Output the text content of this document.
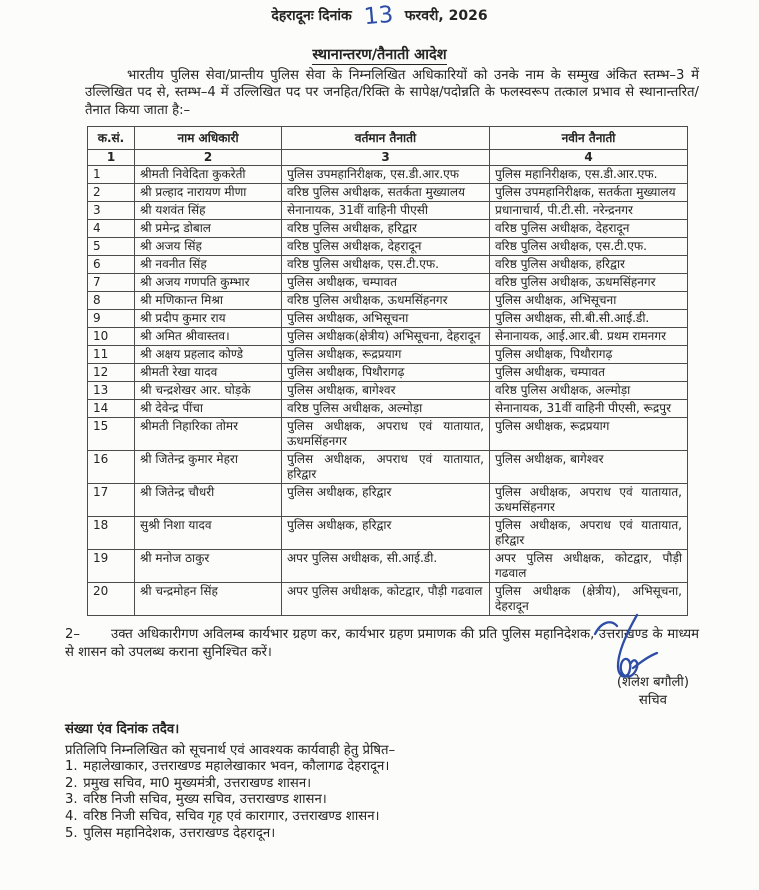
देहरादूनः दिनांक 13 फरवरी, 2026
स्थानान्तरण/तैनाती आदेश

भारतीय पुलिस सेवा/प्रान्तीय पुलिस सेवा के निम्नलिखित अधिकारियों को उनके नाम के सम्मुख अंकित स्तम्भ–3 में उल्लिखित पद से, स्तम्भ–4 में उल्लिखित पद पर जनहित/रिक्ति के सापेक्ष/पदोन्नति के फलस्वरूप तत्काल प्रभाव से स्थानान्तरित/तैनात किया जाता है:–

क.सं.	नाम अधिकारी	वर्तमान तैनाती	नवीन तैनाती
1	2	3	4
1	श्रीमती निवेदिता कुकरेती	पुलिस उपमहानिरीक्षक, एस.डी.आर.एफ	पुलिस महानिरीक्षक, एस.डी.आर.एफ.
2	श्री प्रल्हाद नारायण मीणा	वरिष्ठ पुलिस अधीक्षक, सतर्कता मुख्यालय	पुलिस उपमहानिरीक्षक, सतर्कता मुख्यालय
3	श्री यशवंत सिंह	सेनानायक, 31वीं वाहिनी पीएसी	प्रधानाचार्य, पी.टी.सी. नरेन्द्रनगर
4	श्री प्रमेन्द्र डोबाल	वरिष्ठ पुलिस अधीक्षक, हरिद्वार	वरिष्ठ पुलिस अधीक्षक, देहरादून
5	श्री अजय सिंह	वरिष्ठ पुलिस अधीक्षक, देहरादून	वरिष्ठ पुलिस अधीक्षक, एस.टी.एफ.
6	श्री नवनीत सिंह	वरिष्ठ पुलिस अधीक्षक, एस.टी.एफ.	वरिष्ठ पुलिस अधीक्षक, हरिद्वार
7	श्री अजय गणपति कुम्भार	पुलिस अधीक्षक, चम्पावत	वरिष्ठ पुलिस अधीक्षक, ऊधमसिंहनगर
8	श्री मणिकान्त मिश्रा	वरिष्ठ पुलिस अधीक्षक, ऊधमसिंहनगर	पुलिस अधीक्षक, अभिसूचना
9	श्री प्रदीप कुमार राय	पुलिस अधीक्षक, अभिसूचना	पुलिस अधीक्षक, सी.बी.सी.आई.डी.
10	श्री अमित श्रीवास्तव।	पुलिस अधीक्षक(क्षेत्रीय) अभिसूचना, देहरादून	सेनानायक, आई.आर.बी. प्रथम रामनगर
11	श्री अक्षय प्रहलाद कोण्डे	पुलिस अधीक्षक, रूद्रप्रयाग	पुलिस अधीक्षक, पिथौरागढ़
12	श्रीमती रेखा यादव	पुलिस अधीक्षक, पिथौरागढ़	पुलिस अधीक्षक, चम्पावत
13	श्री चन्द्रशेखर आर. घोड़के	पुलिस अधीक्षक, बागेश्वर	वरिष्ठ पुलिस अधीक्षक, अल्मोड़ा
14	श्री देवेन्द्र पींचा	वरिष्ठ पुलिस अधीक्षक, अल्मोड़ा	सेनानायक, 31वीं वाहिनी पीएसी, रूद्रपुर
15	श्रीमती निहारिका तोमर	पुलिस अधीक्षक, अपराध एवं यातायात, ऊधमसिंहनगर	पुलिस अधीक्षक, रूद्रप्रयाग
16	श्री जितेन्द्र कुमार मेहरा	पुलिस अधीक्षक, अपराध एवं यातायात, हरिद्वार	पुलिस अधीक्षक, बागेश्वर
17	श्री जितेन्द्र चौधरी	पुलिस अधीक्षक, हरिद्वार	पुलिस अधीक्षक, अपराध एवं यातायात, ऊधमसिंहनगर
18	सुश्री निशा यादव	पुलिस अधीक्षक, हरिद्वार	पुलिस अधीक्षक, अपराध एवं यातायात, हरिद्वार
19	श्री मनोज ठाकुर	अपर पुलिस अधीक्षक, सी.आई.डी.	अपर पुलिस अधीक्षक, कोटद्वार, पौड़ी गढवाल
20	श्री चन्द्रमोहन सिंह	अपर पुलिस अधीक्षक, कोटद्वार, पौड़ी गढवाल	पुलिस अधीक्षक (क्षेत्रीय), अभिसूचना, देहरादून

2– उक्त अधिकारीगण अविलम्ब कार्यभार ग्रहण कर, कार्यभार ग्रहण प्रमाणक की प्रति पुलिस महानिदेशक, उत्तराखण्ड के माध्यम से शासन को उपलब्ध कराना सुनिश्चित करें।

(शैलेश बगौली)
सचिव
संख्या एंव दिनांक तदैव।
प्रतिलिपि निम्नलिखित को सूचनार्थ एवं आवश्यक कार्यवाही हेतु प्रेषित–
1. महालेखाकार, उत्तराखण्ड महालेखाकार भवन, कौलागढ देहरादून।
2. प्रमुख सचिव, मा0 मुख्यमंत्री, उत्तराखण्ड शासन।
3. वरिष्ठ निजी सचिव, मुख्य सचिव, उत्तराखण्ड शासन।
4. वरिष्ठ निजी सचिव, सचिव गृह एवं कारागार, उत्तराखण्ड शासन।
5. पुलिस महानिदेशक, उत्तराखण्ड देहरादून।
